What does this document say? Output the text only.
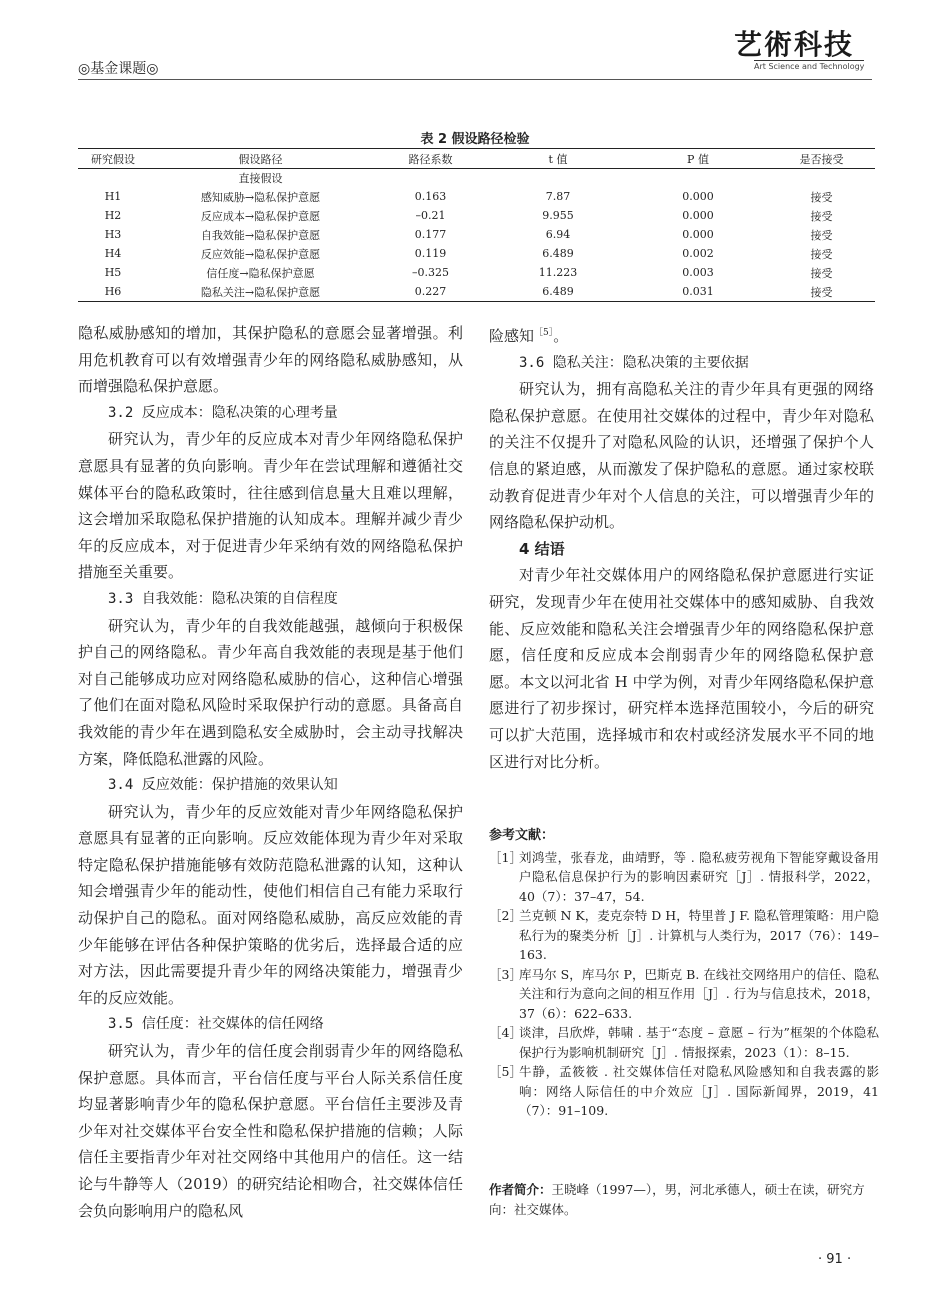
◎基金课题◎
艺術科技
Art Science and Technology
表 2 假设路径检验
研究假设	假设路径	路径系数	t 值	P 值	是否接受
	直接假设				
H1	感知威胁→隐私保护意愿	0.163	7.87	0.000	接受
H2	反应成本→隐私保护意愿	–0.21	9.955	0.000	接受
H3	自我效能→隐私保护意愿	0.177	6.94	0.000	接受
H4	反应效能→隐私保护意愿	0.119	6.489	0.002	接受
H5	信任度→隐私保护意愿	–0.325	11.223	0.003	接受
H6	隐私关注→隐私保护意愿	0.227	6.489	0.031	接受

隐私威胁感知的增加，其保护隐私的意愿会显著增强。利用危机教育可以有效增强青少年的网络隐私威胁感知，从而增强隐私保护意愿。

3.2 反应成本：隐私决策的心理考量

研究认为，青少年的反应成本对青少年网络隐私保护意愿具有显著的负向影响。青少年在尝试理解和遵循社交媒体平台的隐私政策时，往往感到信息量大且难以理解，这会增加采取隐私保护措施的认知成本。理解并减少青少年的反应成本，对于促进青少年采纳有效的网络隐私保护措施至关重要。

3.3 自我效能：隐私决策的自信程度

研究认为，青少年的自我效能越强，越倾向于积极保护自己的网络隐私。青少年高自我效能的表现是基于他们对自己能够成功应对网络隐私威胁的信心，这种信心增强了他们在面对隐私风险时采取保护行动的意愿。具备高自我效能的青少年在遇到隐私安全威胁时，会主动寻找解决方案，降低隐私泄露的风险。

3.4 反应效能：保护措施的效果认知

研究认为，青少年的反应效能对青少年网络隐私保护意愿具有显著的正向影响。反应效能体现为青少年对采取特定隐私保护措施能够有效防范隐私泄露的认知，这种认知会增强青少年的能动性，使他们相信自己有能力采取行动保护自己的隐私。面对网络隐私威胁，高反应效能的青少年能够在评估各种保护策略的优劣后，选择最合适的应对方法，因此需要提升青少年的网络决策能力，增强青少年的反应效能。

3.5 信任度：社交媒体的信任网络

研究认为，青少年的信任度会削弱青少年的网络隐私保护意愿。具体而言，平台信任度与平台人际关系信任度均显著影响青少年的隐私保护意愿。平台信任主要涉及青少年对社交媒体平台安全性和隐私保护措施的信赖；人际信任主要指青少年对社交网络中其他用户的信任。这一结论与牛静等人（2019）的研究结论相吻合，社交媒体信任会负向影响用户的隐私风

险感知$^{[5]}$。

3.6 隐私关注：隐私决策的主要依据

研究认为，拥有高隐私关注的青少年具有更强的网络隐私保护意愿。在使用社交媒体的过程中，青少年对隐私的关注不仅提升了对隐私风险的认识，还增强了保护个人信息的紧迫感，从而激发了保护隐私的意愿。通过家校联动教育促进青少年对个人信息的关注，可以增强青少年的网络隐私保护动机。

4 结语

对青少年社交媒体用户的网络隐私保护意愿进行实证研究，发现青少年在使用社交媒体中的感知威胁、自我效能、反应效能和隐私关注会增强青少年的网络隐私保护意愿，信任度和反应成本会削弱青少年的网络隐私保护意愿。本文以河北省 H 中学为例，对青少年网络隐私保护意愿进行了初步探讨，研究样本选择范围较小，今后的研究可以扩大范围，选择城市和农村或经济发展水平不同的地区进行对比分析。

参考文献：
［1］
刘鸿莹，张春龙，曲靖野，等 . 隐私疲劳视角下智能穿戴设备用户隐私信息保护行为的影响因素研究［J］. 情报科学，2022，40（7）：37–47，54.
［2］
兰克顿 N K，麦克奈特 D H，特里普 J F. 隐私管理策略：用户隐私行为的聚类分析［J］. 计算机与人类行为，2017（76）：149–163.
［3］
库马尔 S，库马尔 P，巴斯克 B. 在线社交网络用户的信任、隐私关注和行为意向之间的相互作用［J］. 行为与信息技术，2018，37（6）：622–633.
［4］
谈津，吕欣烨，韩啸 . 基于“态度 – 意愿 – 行为”框架的个体隐私保护行为影响机制研究［J］. 情报探索，2023（1）：8–15.
［5］
牛静，孟筱筱 . 社交媒体信任对隐私风险感知和自我表露的影响：网络人际信任的中介效应［J］. 国际新闻界，2019，41（7）：91–109.
作者简介：王晓峰（1997—），男，河北承德人，硕士在读，研究方向：社交媒体。
· 91 ·
